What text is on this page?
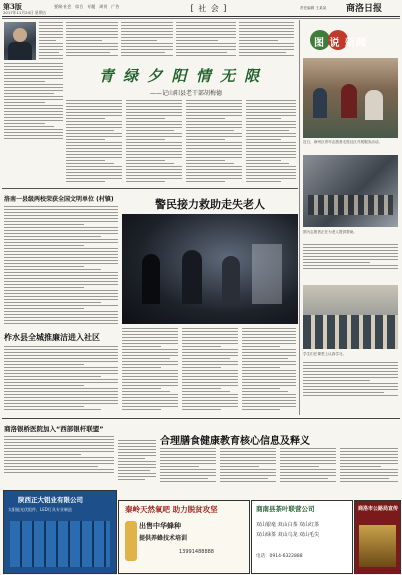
第3版
2017年11月24日 星期五
要闻·社会 综合 专题 周刊 广告	[ 社 会 ]	责任编辑 王某某 商洛日报
青 绿 夕 阳 情 无 限
——记山阳县老干部胡梅德
图 说 新闻
近日，商州区青年志愿者走进社区开展服务活动。
图为志愿者正在为老人提供帮助。
学生们在课堂上认真学习。
洛南一县级两校荣获全国文明单位 (村镇)
柞水县全城推廉洁进入社区
警民接力救助走失老人
商洛银桥医院加入“西部银杆联盟”
合理膳食健康教育核心信息及释义
陕西正大铝业有限公司
太阳能光伏组件、LED灯具专业制造	秦岭天然氧吧 助力脱贫攻坚
出售中华蜂种
提供养蜂技术培训
13991488888
商南县茶叶联营公司
双山银毫 双山白茶 双山红茶
双山绿茶 双山乌龙 双山毛尖
电话：0914-6322888
商洛市公路局宣传
